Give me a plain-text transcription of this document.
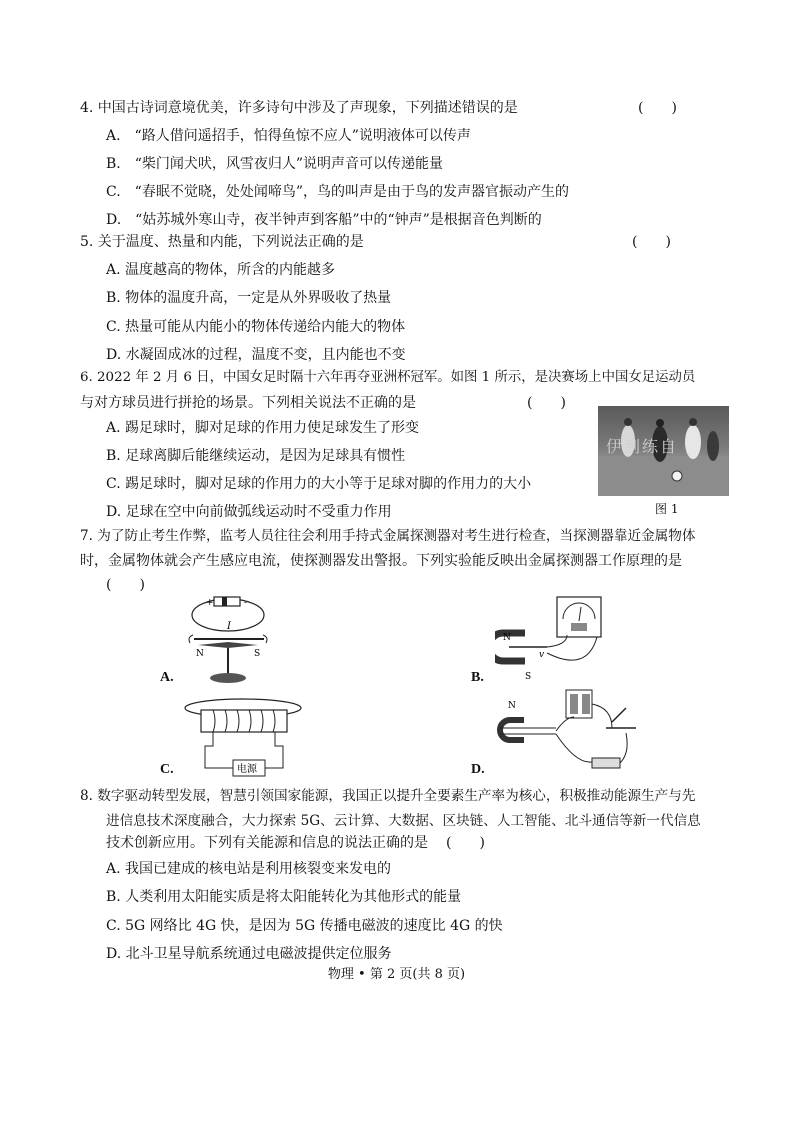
4. 中国古诗词意境优美，许多诗句中涉及了声现象，下列描述错误的是	(　　)
A.　“路人借问遥招手，怕得鱼惊不应人”说明液体可以传声
B.　“柴门闻犬吠，风雪夜归人”说明声音可以传递能量
C.　“春眠不觉晓，处处闻啼鸟”，鸟的叫声是由于鸟的发声器官振动产生的
D.　“姑苏城外寒山寺，夜半钟声到客船”中的“钟声”是根据音色判断的
5. 关于温度、热量和内能，下列说法正确的是	(　　)
A. 温度越高的物体，所含的内能越多
B. 物体的温度升高，一定是从外界吸收了热量
C. 热量可能从内能小的物体传递给内能大的物体
D. 水凝固成冰的过程，温度不变，且内能也不变
6. 2022 年 2 月 6 日，中国女足时隔十六年再夺亚洲杯冠军。如图 1 所示，是决赛场上中国女足运动员
与对方球员进行拼抢的场景。下列相关说法不正确的是	(　　)
A. 踢足球时，脚对足球的作用力使足球发生了形变
B. 足球离脚后能继续运动，是因为足球具有惯性
C. 踢足球时，脚对足球的作用力的大小等于足球对脚的作用力的大小
D. 足球在空中向前做弧线运动时不受重力作用
伊到练自
图 1
7. 为了防止考生作弊，监考人员往往会利用手持式金属探测器对考生进行检查，当探测器靠近金属物体
时，金属物体就会产生感应电流，使探测器发出警报。下列实验能反映出金属探测器工作原理的是
(　　)
+	-
I
N	S
A.
N
S
v
B.
电源
C.
N
D.
8. 数字驱动转型发展，智慧引领国家能源，我国正以提升全要素生产率为核心，积极推动能源生产与先
进信息技术深度融合，大力探索 5G、云计算、大数据、区块链、人工智能、北斗通信等新一代信息
技术创新应用。下列有关能源和信息的说法正确的是 (　　)
A. 我国已建成的核电站是利用核裂变来发电的
B. 人类利用太阳能实质是将太阳能转化为其他形式的能量
C. 5G 网络比 4G 快，是因为 5G 传播电磁波的速度比 4G 的快
D. 北斗卫星导航系统通过电磁波提供定位服务
物理 • 第 2 页(共 8 页)
